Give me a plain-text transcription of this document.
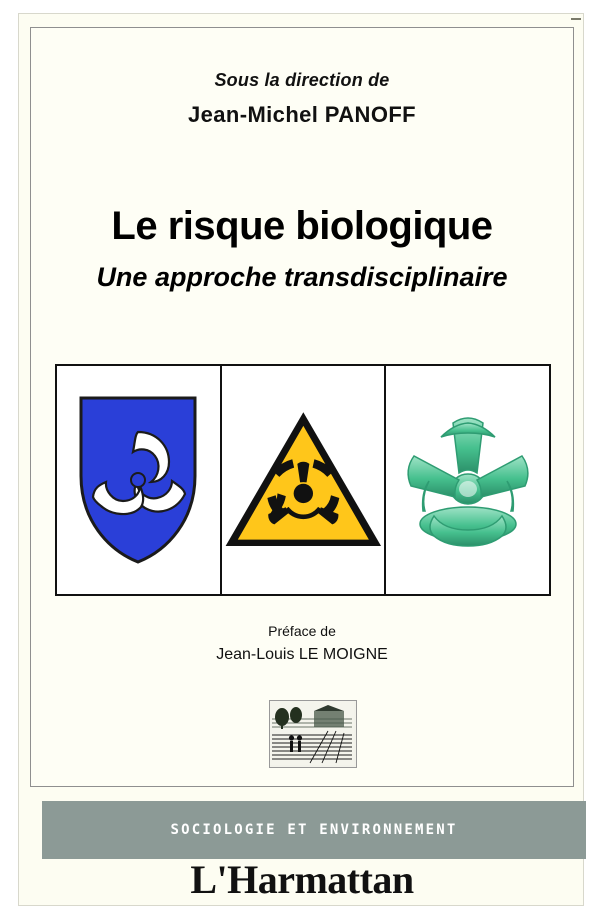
Sous la direction de
Jean-Michel PANOFF
Le risque biologique
Une approche transdisciplinaire
Préface de
Jean-Louis LE MOIGNE
SOCIOLOGIE ET ENVIRONNEMENT
L'Harmattan
